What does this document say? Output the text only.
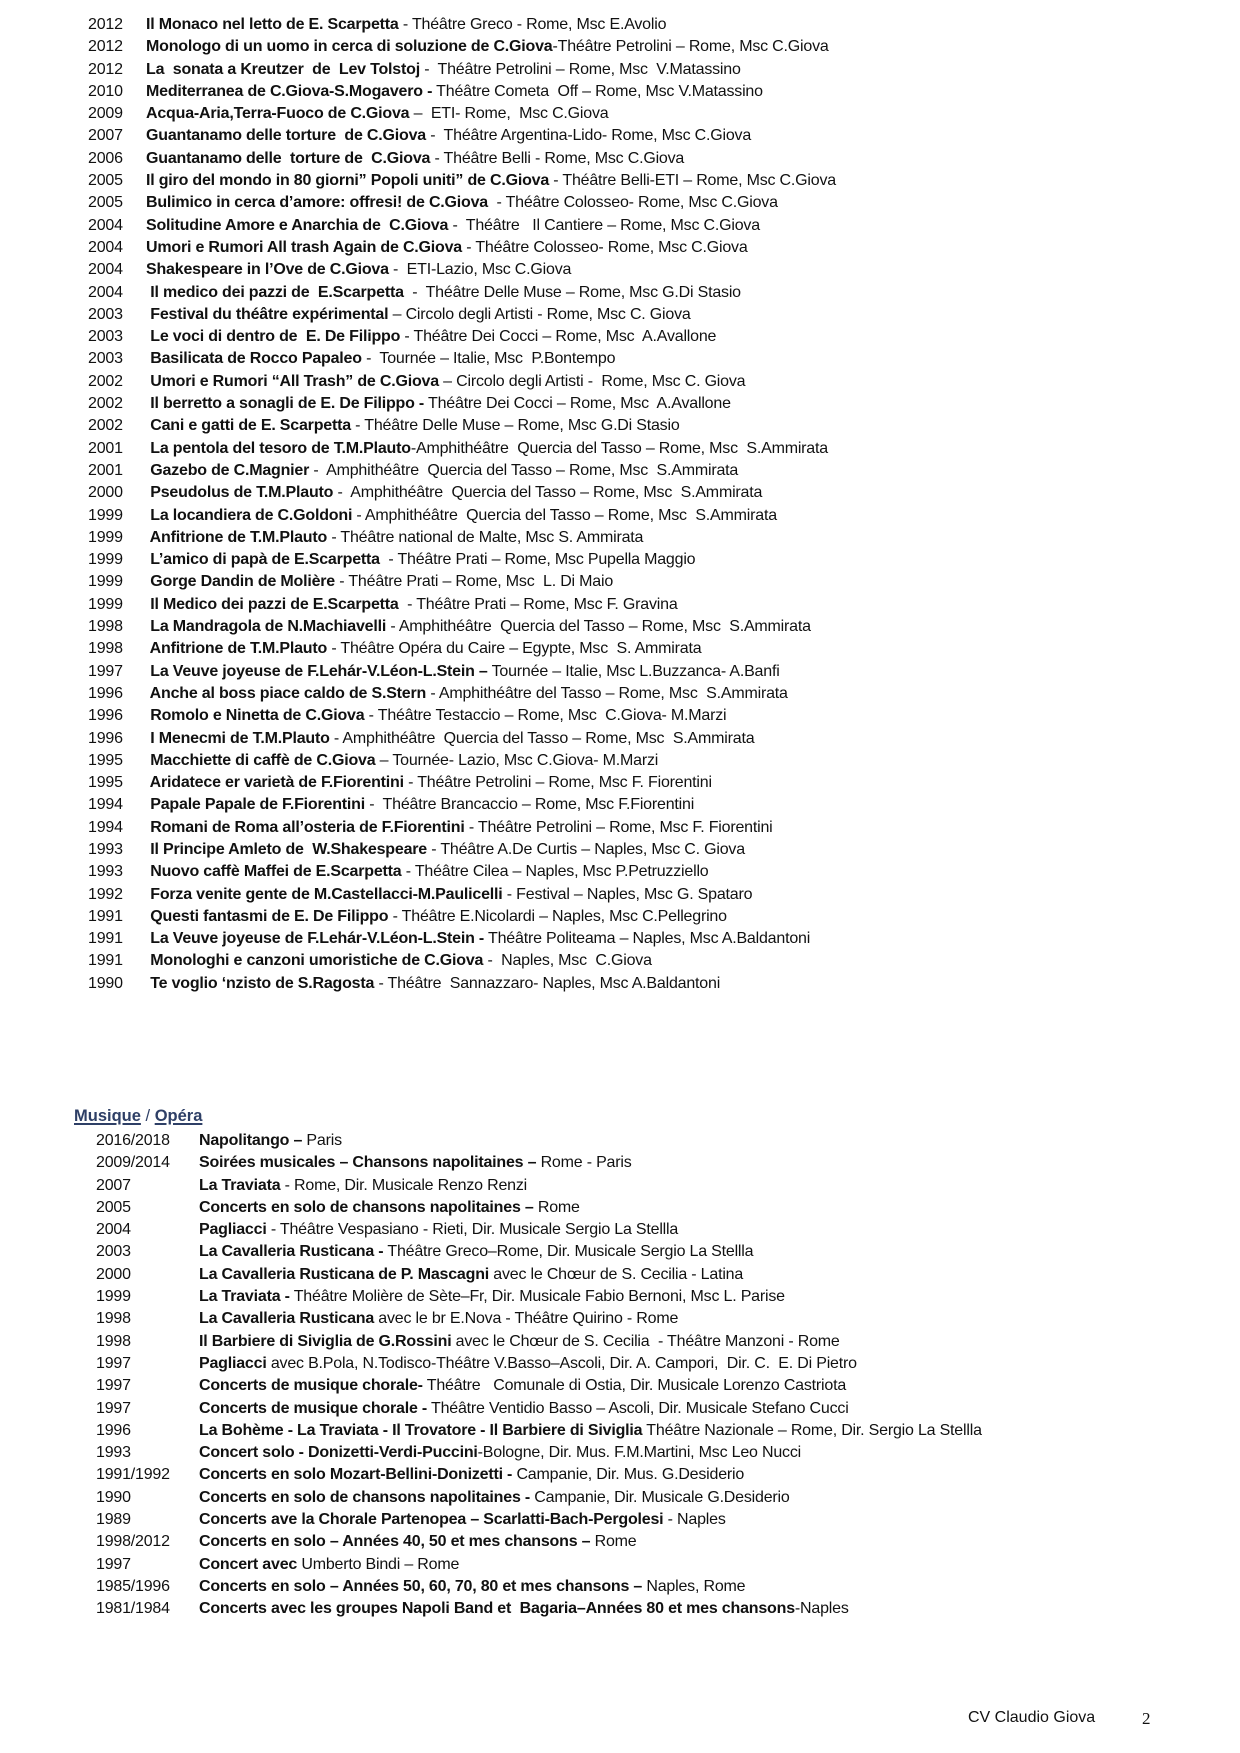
2012 Il Monaco nel letto de E. Scarpetta - Théâtre Greco - Rome, Msc E.Avolio
2012 Monologo di un uomo in cerca di soluzione de C.Giova-Théâtre Petrolini – Rome, Msc C.Giova
2012 La  sonata a Kreutzer  de  Lev Tolstoj -  Théâtre Petrolini – Rome, Msc  V.Matassino
2010 Mediterranea de C.Giova-S.Mogavero - Théâtre Cometa  Off – Rome, Msc V.Matassino
2009 Acqua-Aria,Terra-Fuoco de C.Giova –  ETI- Rome,  Msc C.Giova
2007 Guantanamo delle torture  de C.Giova -  Théâtre Argentina-Lido- Rome, Msc C.Giova
2006 Guantanamo delle  torture de  C.Giova - Théâtre Belli - Rome, Msc C.Giova
2005 Il giro del mondo in 80 giorni” Popoli uniti” de C.Giova - Théâtre Belli-ETI – Rome, Msc C.Giova
2005 Bulimico in cerca d’amore: offresi! de C.Giova  - Théâtre Colosseo- Rome, Msc C.Giova
2004 Solitudine Amore e Anarchia de  C.Giova -  Théâtre   Il Cantiere – Rome, Msc C.Giova
2004 Umori e Rumori All trash Again de C.Giova - Théâtre Colosseo- Rome, Msc C.Giova
2004 Shakespeare in l’Ove de C.Giova -  ETI-Lazio, Msc C.Giova
2004 Il medico dei pazzi de  E.Scarpetta  -  Théâtre Delle Muse – Rome, Msc G.Di Stasio
2003 Festival du théâtre expérimental – Circolo degli Artisti - Rome, Msc C. Giova
2003 Le voci di dentro de  E. De Filippo - Théâtre Dei Cocci – Rome, Msc  A.Avallone
2003 Basilicata de Rocco Papaleo -  Tournée – Italie, Msc  P.Bontempo
2002 Umori e Rumori “All Trash” de C.Giova – Circolo degli Artisti -  Rome, Msc C. Giova
2002 Il berretto a sonagli de E. De Filippo - Théâtre Dei Cocci – Rome, Msc  A.Avallone
2002 Cani e gatti de E. Scarpetta - Théâtre Delle Muse – Rome, Msc G.Di Stasio
2001 La pentola del tesoro de T.M.Plauto-Amphithéâtre  Quercia del Tasso – Rome, Msc  S.Ammirata
2001 Gazebo de C.Magnier -  Amphithéâtre  Quercia del Tasso – Rome, Msc  S.Ammirata
2000 Pseudolus de T.M.Plauto -  Amphithéâtre  Quercia del Tasso – Rome, Msc  S.Ammirata
1999 La locandiera de C.Goldoni - Amphithéâtre  Quercia del Tasso – Rome, Msc  S.Ammirata
1999 Anfitrione de T.M.Plauto - Théâtre national de Malte, Msc S. Ammirata
1999 L’amico di papà de E.Scarpetta  - Théâtre Prati – Rome, Msc Pupella Maggio
1999 Gorge Dandin de Molière - Théâtre Prati – Rome, Msc  L. Di Maio
1999 Il Medico dei pazzi de E.Scarpetta  - Théâtre Prati – Rome, Msc F. Gravina
1998 La Mandragola de N.Machiavelli - Amphithéâtre  Quercia del Tasso – Rome, Msc  S.Ammirata
1998 Anfitrione de T.M.Plauto - Théâtre Opéra du Caire – Egypte, Msc  S. Ammirata
1997 La Veuve joyeuse de F.Lehár-V.Léon-L.Stein – Tournée – Italie, Msc L.Buzzanca- A.Banfi
1996 Anche al boss piace caldo de S.Stern - Amphithéâtre del Tasso – Rome, Msc  S.Ammirata
1996 Romolo e Ninetta de C.Giova - Théâtre Testaccio – Rome, Msc  C.Giova- M.Marzi
1996 I Menecmi de T.M.Plauto - Amphithéâtre  Quercia del Tasso – Rome, Msc  S.Ammirata
1995 Macchiette di caffè de C.Giova – Tournée- Lazio, Msc C.Giova- M.Marzi
1995 Aridatece er varietà de F.Fiorentini - Théâtre Petrolini – Rome, Msc F. Fiorentini
1994 Papale Papale de F.Fiorentini -  Théâtre Brancaccio – Rome, Msc F.Fiorentini
1994 Romani de Roma all’osteria de F.Fiorentini - Théâtre Petrolini – Rome, Msc F. Fiorentini
1993 Il Principe Amleto de  W.Shakespeare - Théâtre A.De Curtis – Naples, Msc C. Giova
1993 Nuovo caffè Maffei de E.Scarpetta - Théâtre Cilea – Naples, Msc P.Petruzziello
1992 Forza venite gente de M.Castellacci-M.Paulicelli - Festival – Naples, Msc G. Spataro
1991 Questi fantasmi de E. De Filippo - Théâtre E.Nicolardi – Naples, Msc C.Pellegrino
1991 La Veuve joyeuse de F.Lehár-V.Léon-L.Stein - Théâtre Politeama – Naples, Msc A.Baldantoni
1991 Monologhi e canzoni umoristiche de C.Giova -  Naples, Msc  C.Giova
1990 Te voglio ‘nzisto de S.Ragosta - Théâtre  Sannazzaro- Naples, Msc A.Baldantoni
Musique / Opéra
2016/2018 Napolitango – Paris
2009/2014 Soirées musicales – Chansons napolitaines – Rome - Paris
2007	La Traviata - Rome, Dir. Musicale Renzo Renzi
2005	Concerts en solo de chansons napolitaines – Rome
2004	Pagliacci - Théâtre Vespasiano - Rieti, Dir. Musicale Sergio La Stellla
2003	La Cavalleria Rusticana - Théâtre Greco–Rome, Dir. Musicale Sergio La Stellla
2000	La Cavalleria Rusticana de P. Mascagni avec le Chœur de S. Cecilia - Latina
1999	La Traviata - Théâtre Molière de Sète–Fr, Dir. Musicale Fabio Bernoni, Msc L. Parise
1998	La Cavalleria Rusticana avec le br E.Nova - Théâtre Quirino - Rome
1998	Il Barbiere di Siviglia de G.Rossini avec le Chœur de S. Cecilia  - Théâtre Manzoni - Rome
1997	Pagliacci avec B.Pola, N.Todisco-Théâtre V.Basso–Ascoli, Dir. A. Campori,  Dir. C.  E. Di Pietro
1997	Concerts de musique chorale- Théâtre   Comunale di Ostia, Dir. Musicale Lorenzo Castriota
1997	Concerts de musique chorale - Théâtre Ventidio Basso – Ascoli, Dir. Musicale Stefano Cucci
1996	La Bohème - La Traviata - Il Trovatore - Il Barbiere di Siviglia Théâtre Nazionale – Rome, Dir. Sergio La Stellla
1993	Concert solo - Donizetti-Verdi-Puccini-Bologne, Dir. Mus. F.M.Martini, Msc Leo Nucci
1991/1992 Concerts en solo Mozart-Bellini-Donizetti - Campanie, Dir. Mus. G.Desiderio
1990	Concerts en solo de chansons napolitaines - Campanie, Dir. Musicale G.Desiderio
1989	Concerts ave la Chorale Partenopea – Scarlatti-Bach-Pergolesi - Naples
1998/2012 Concerts en solo – Années 40, 50 et mes chansons – Rome
1997	Concert avec Umberto Bindi – Rome
1985/1996 Concerts en solo – Années 50, 60, 70, 80 et mes chansons – Naples, Rome
1981/1984 Concerts avec les groupes Napoli Band et  Bagaria–Années 80 et mes chansons-Naples
CV Claudio Giova	2
